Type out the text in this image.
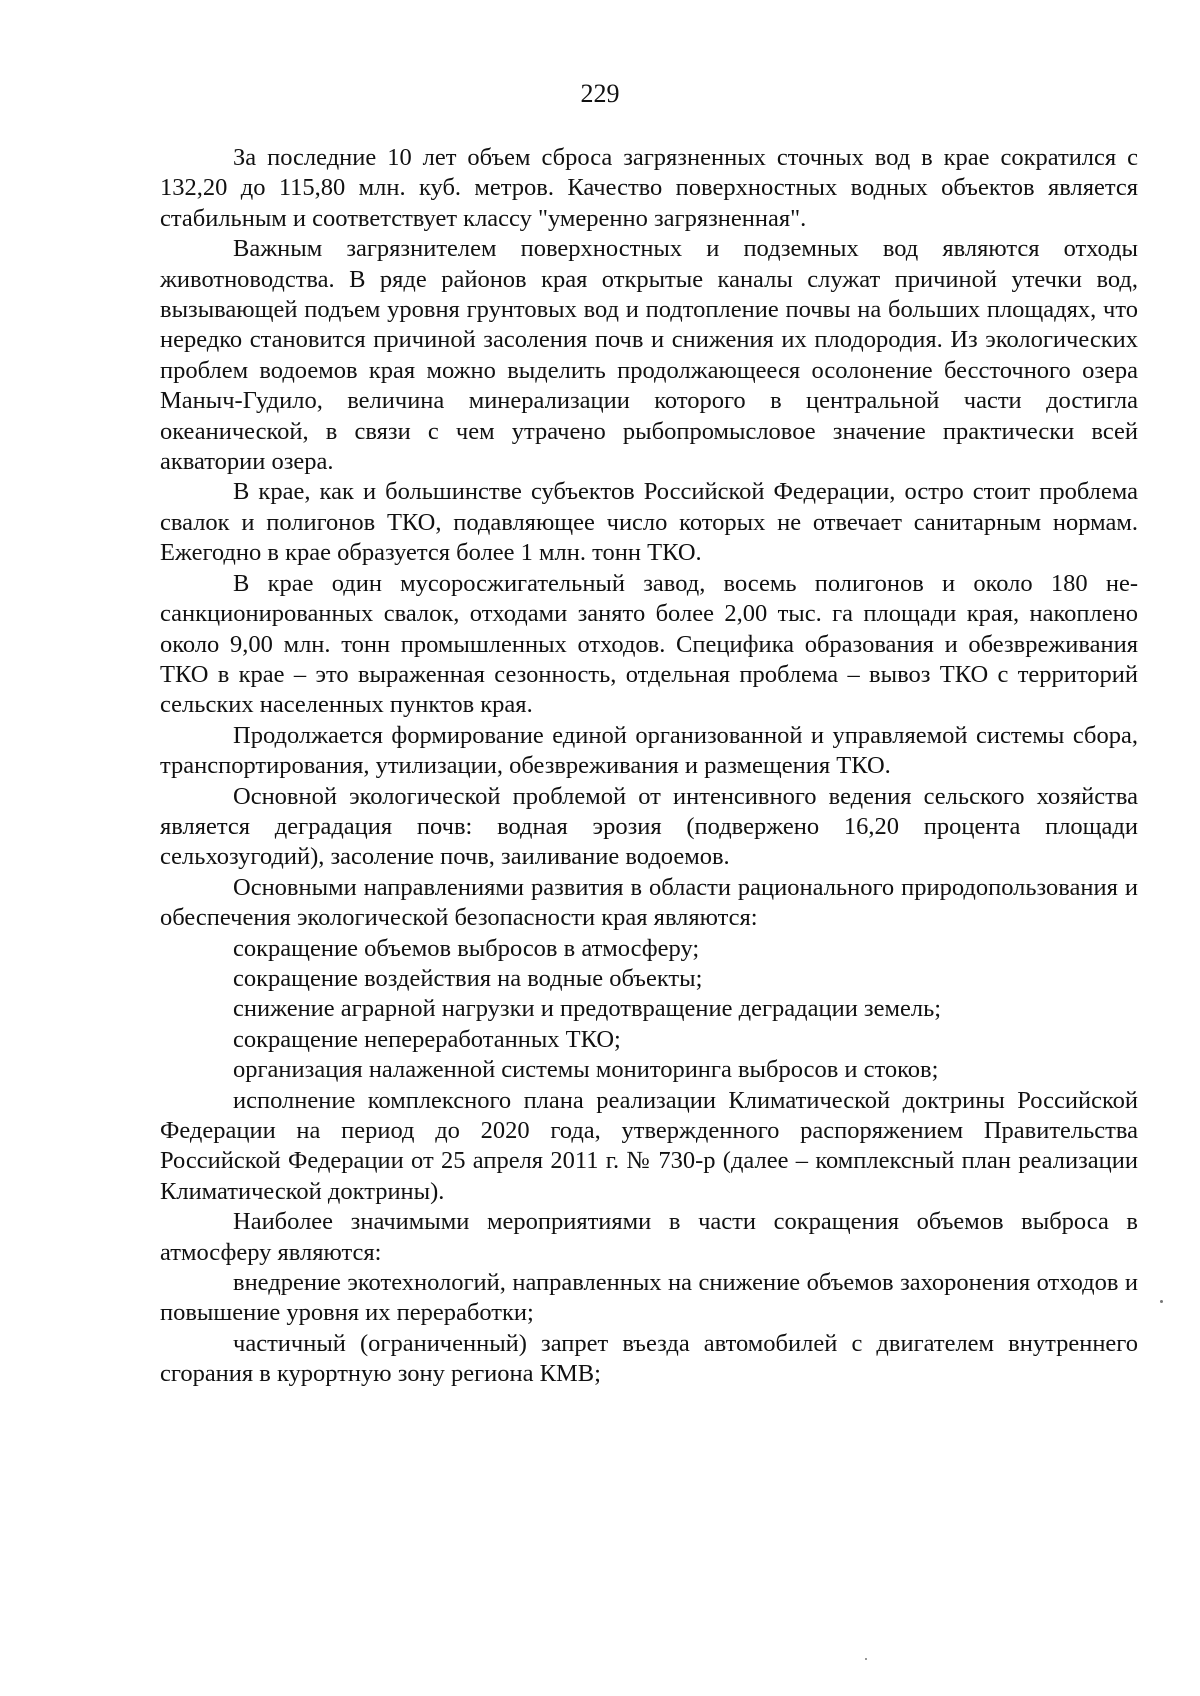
229

За последние 10 лет объем сброса загрязненных сточных вод в крае сократился с 132,20 до 115,80 млн. куб. метров. Качество поверхностных водных объектов является стабильным и соответствует классу "умеренно загрязненная".

Важным загрязнителем поверхностных и подземных вод являются отходы животноводства. В ряде районов края открытые каналы служат причиной утечки вод, вызывающей подъем уровня грунтовых вод и подтопление почвы на больших площадях, что нередко становится причиной засоления почв и снижения их плодородия. Из экологических проблем водоемов края можно выделить продолжающееся осолонение бессточного озера Маныч-Гудило, величина минерализации которого в центральной части достигла океанической, в связи с чем утрачено рыбопромысловое значение практически всей акватории озера.

В крае, как и большинстве субъектов Российской Федерации, остро стоит проблема свалок и полигонов ТКО, подавляющее число которых не отвечает санитарным нормам. Ежегодно в крае образуется более 1 млн. тонн ТКО.

В крае один мусоросжигательный завод, восемь полигонов и около 180 несанкционированных свалок, отходами занято более 2,00 тыс. га площади края, накоплено около 9,00 млн. тонн промышленных отходов. Специфика образования и обезвреживания ТКО в крае – это выраженная сезонность, отдельная проблема – вывоз ТКО с территорий сельских населенных пунктов края.

Продолжается формирование единой организованной и управляемой системы сбора, транспортирования, утилизации, обезвреживания и размещения ТКО.

Основной экологической проблемой от интенсивного ведения сельского хозяйства является деградация почв: водная эрозия (подвержено 16,20 процента площади сельхозугодий), засоление почв, заиливание водоемов.

Основными направлениями развития в области рационального природопользования и обеспечения экологической безопасности края являются:

сокращение объемов выбросов в атмосферу;

сокращение воздействия на водные объекты;

снижение аграрной нагрузки и предотвращение деградации земель;

сокращение непереработанных ТКО;

организация налаженной системы мониторинга выбросов и стоков;

исполнение комплексного плана реализации Климатической доктрины Российской Федерации на период до 2020 года, утвержденного распоряжением Правительства Российской Федерации от 25 апреля 2011 г. № 730-р (далее – комплексный план реализации Климатической доктрины).

Наиболее значимыми мероприятиями в части сокращения объемов выброса в атмосферу являются:

внедрение экотехнологий, направленных на снижение объемов захоронения отходов и повышение уровня их переработки;

частичный (ограниченный) запрет въезда автомобилей с двигателем внутреннего сгорания в курортную зону региона КМВ;
